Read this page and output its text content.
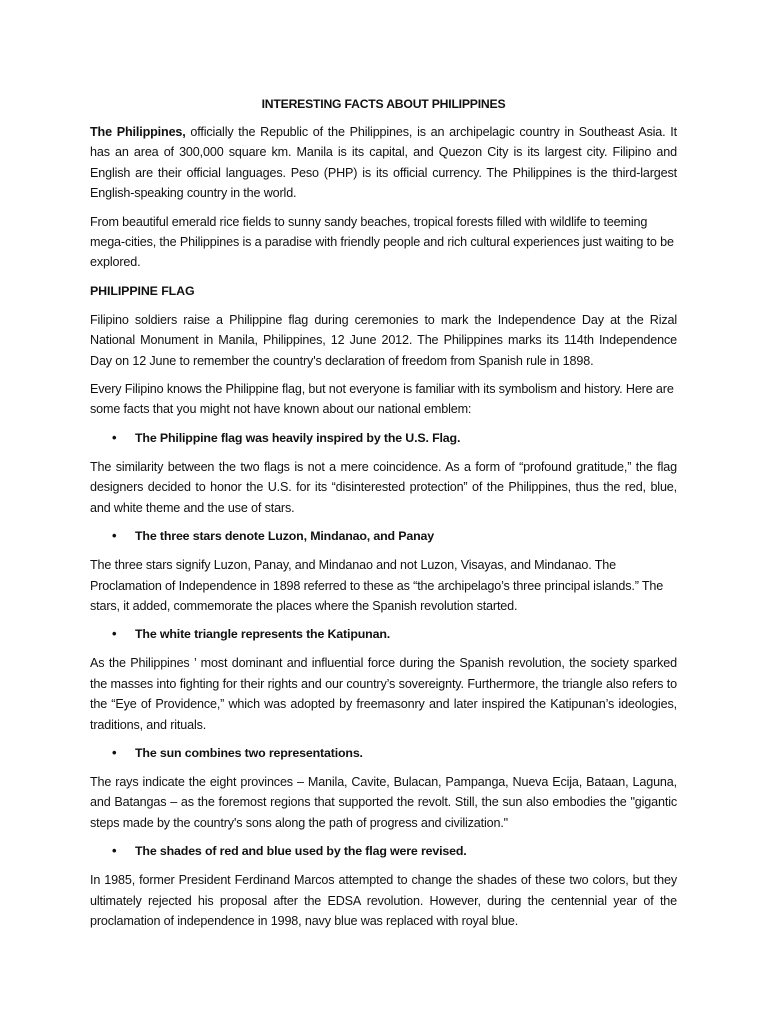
INTERESTING FACTS ABOUT PHILIPPINES

The Philippines, officially the Republic of the Philippines, is an archipelagic country in Southeast Asia. It has an area of 300,000 square km. Manila is its capital, and Quezon City is its largest city. Filipino and English are their official languages. Peso (PHP) is its official currency. The Philippines is the third-largest English-speaking country in the world.

From beautiful emerald rice fields to sunny sandy beaches, tropical forests filled with wildlife to teeming mega-cities, the Philippines is a paradise with friendly people and rich cultural experiences just waiting to be explored.

PHILIPPINE FLAG

Filipino soldiers raise a Philippine flag during ceremonies to mark the Independence Day at the Rizal National Monument in Manila, Philippines, 12 June 2012. The Philippines marks its 114th Independence Day on 12 June to remember the country's declaration of freedom from Spanish rule in 1898.

Every Filipino knows the Philippine flag, but not everyone is familiar with its symbolism and history. Here are some facts that you might not have known about our national emblem:

•	The Philippine flag was heavily inspired by the U.S. Flag.

The similarity between the two flags is not a mere coincidence. As a form of “profound gratitude,” the flag designers decided to honor the U.S. for its “disinterested protection” of the Philippines, thus the red, blue, and white theme and the use of stars.

•	The three stars denote Luzon, Mindanao, and Panay

The three stars signify Luzon, Panay, and Mindanao and not Luzon, Visayas, and Mindanao. The Proclamation of Independence in 1898 referred to these as “the archipelago’s three principal islands.” The stars, it added, commemorate the places where the Spanish revolution started.

•	The white triangle represents the Katipunan.

As the Philippines ’ most dominant and influential force during the Spanish revolution, the society sparked the masses into fighting for their rights and our country’s sovereignty. Furthermore, the triangle also refers to the “Eye of Providence,” which was adopted by freemasonry and later inspired the Katipunan’s ideologies, traditions, and rituals.

•	The sun combines two representations.

The rays indicate the eight provinces – Manila, Cavite, Bulacan, Pampanga, Nueva Ecija, Bataan, Laguna, and Batangas – as the foremost regions that supported the revolt. Still, the sun also embodies the "gigantic steps made by the country's sons along the path of progress and civilization."

•	The shades of red and blue used by the flag were revised.

In 1985, former President Ferdinand Marcos attempted to change the shades of these two colors, but they ultimately rejected his proposal after the EDSA revolution. However, during the centennial year of the proclamation of independence in 1998, navy blue was replaced with royal blue.
